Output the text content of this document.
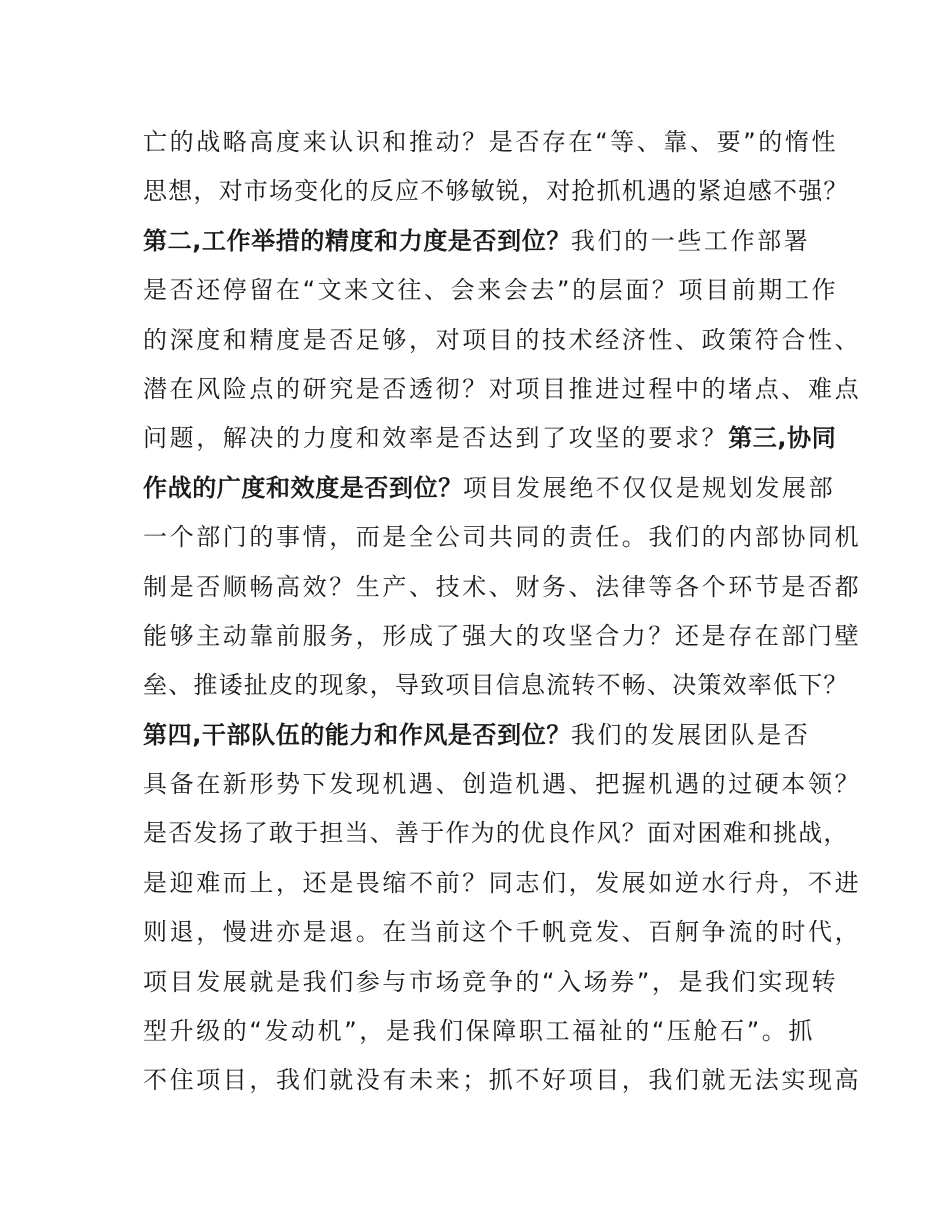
亡的战略高度来认识和推动？是否存在“等、靠、要”的惰性
思想，对市场变化的反应不够敏锐，对抢抓机遇的紧迫感不强？
第二,工作举措的精度和力度是否到位？我们的一些工作部署
是否还停留在“文来文往、会来会去”的层面？项目前期工作
的深度和精度是否足够，对项目的技术经济性、政策符合性、
潜在风险点的研究是否透彻？对项目推进过程中的堵点、难点
问题，解决的力度和效率是否达到了攻坚的要求？第三,协同
作战的广度和效度是否到位？项目发展绝不仅仅是规划发展部
一个部门的事情，而是全公司共同的责任。我们的内部协同机
制是否顺畅高效？生产、技术、财务、法律等各个环节是否都
能够主动靠前服务，形成了强大的攻坚合力？还是存在部门壁
垒、推诿扯皮的现象，导致项目信息流转不畅、决策效率低下？
第四,干部队伍的能力和作风是否到位？我们的发展团队是否
具备在新形势下发现机遇、创造机遇、把握机遇的过硬本领？
是否发扬了敢于担当、善于作为的优良作风？面对困难和挑战，
是迎难而上，还是畏缩不前？同志们，发展如逆水行舟，不进
则退，慢进亦是退。在当前这个千帆竞发、百舸争流的时代，
项目发展就是我们参与市场竞争的“入场券”，是我们实现转
型升级的“发动机”，是我们保障职工福祉的“压舱石”。抓
不住项目，我们就没有未来；抓不好项目，我们就无法实现高
